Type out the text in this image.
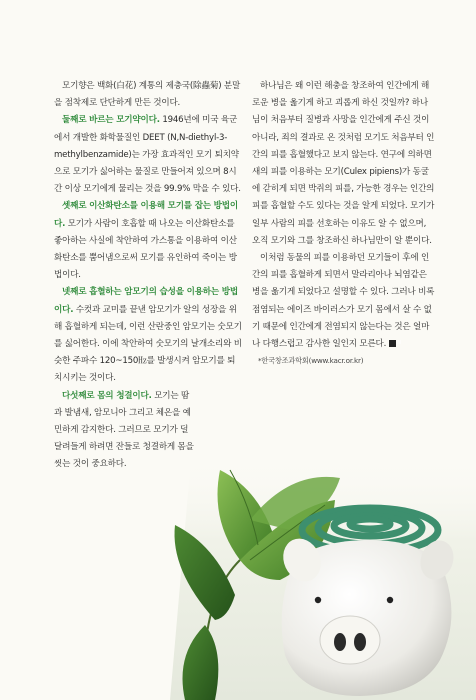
모기향은 백화(白花) 계통의 제충국(除蟲菊) 분말을 점착제로 단단하게 만든 것이다.

둘째로 바르는 모기약이다. 1946년에 미국 육군에서 개발한 화학물질인 DEET (N,N-diethyl-3-methylbenzamide)는 가장 효과적인 모기 퇴치약으로 모기가 싫어하는 물질로 만들어져 있으며 8시간 이상 모기에게 물리는 것을 99.9% 막을 수 있다.

셋째로 이산화탄소를 이용해 모기를 잡는 방법이다. 모기가 사람이 호흡할 때 나오는 이산화탄소를 좋아하는 사실에 착안하여 가스통을 이용하여 이산화탄소를 뿜어냄으로써 모기를 유인하여 죽이는 방법이다.

넷째로 흡혈하는 암모기의 습성을 이용하는 방법이다. 수컷과 교미를 끝낸 암모기가 알의 성장을 위해 흡혈하게 되는데, 이런 산란중인 암모기는 숫모기를 싫어한다. 이에 착안하여 숫모기의 날개소리와 비슷한 주파수 120~150㎐를 발생시켜 암모기를 퇴치시키는 것이다.

다섯째로 몸의 청결이다. 모기는 땀과 발냄새, 암모니아 그리고 체온을 예민하게 감지한다. 그러므로 모기가 덜 달려들게 하려면 잔들로 청결하게 몸을 씻는 것이 중요하다.

하나님은 왜 이런 해충을 창조하여 인간에게 해로운 병을 옮기게 하고 괴롭게 하신 것일까? 하나님이 처음부터 질병과 사망을 인간에게 주신 것이 아니라, 죄의 결과로 온 것처럼 모기도 처음부터 인간의 피를 흡혈했다고 보지 않는다. 연구에 의하면 새의 피를 이용하는 모기(Culex pipiens)가 동굴에 갇히게 되면 박쥐의 피를, 가능한 경우는 인간의 피를 흡혈할 수도 있다는 것을 알게 되었다. 모기가 일부 사람의 피를 선호하는 이유도 알 수 없으며, 오직 모기와 그를 창조하신 하나님만이 알 뿐이다.

이처럼 동물의 피를 이용하던 모기들이 후에 인간의 피를 흡혈하게 되면서 말라리아나 뇌염같은 병을 옮기게 되었다고 설명할 수 있다. 그러나 비록 점염되는 에이즈 바이러스가 모기 몸에서 살 수 없기 때문에 인간에게 전염되지 않는다는 것은 얼마나 다행스럽고 감사한 일인지 모른다. N

*한국창조과학회(www.kacr.or.kr)
